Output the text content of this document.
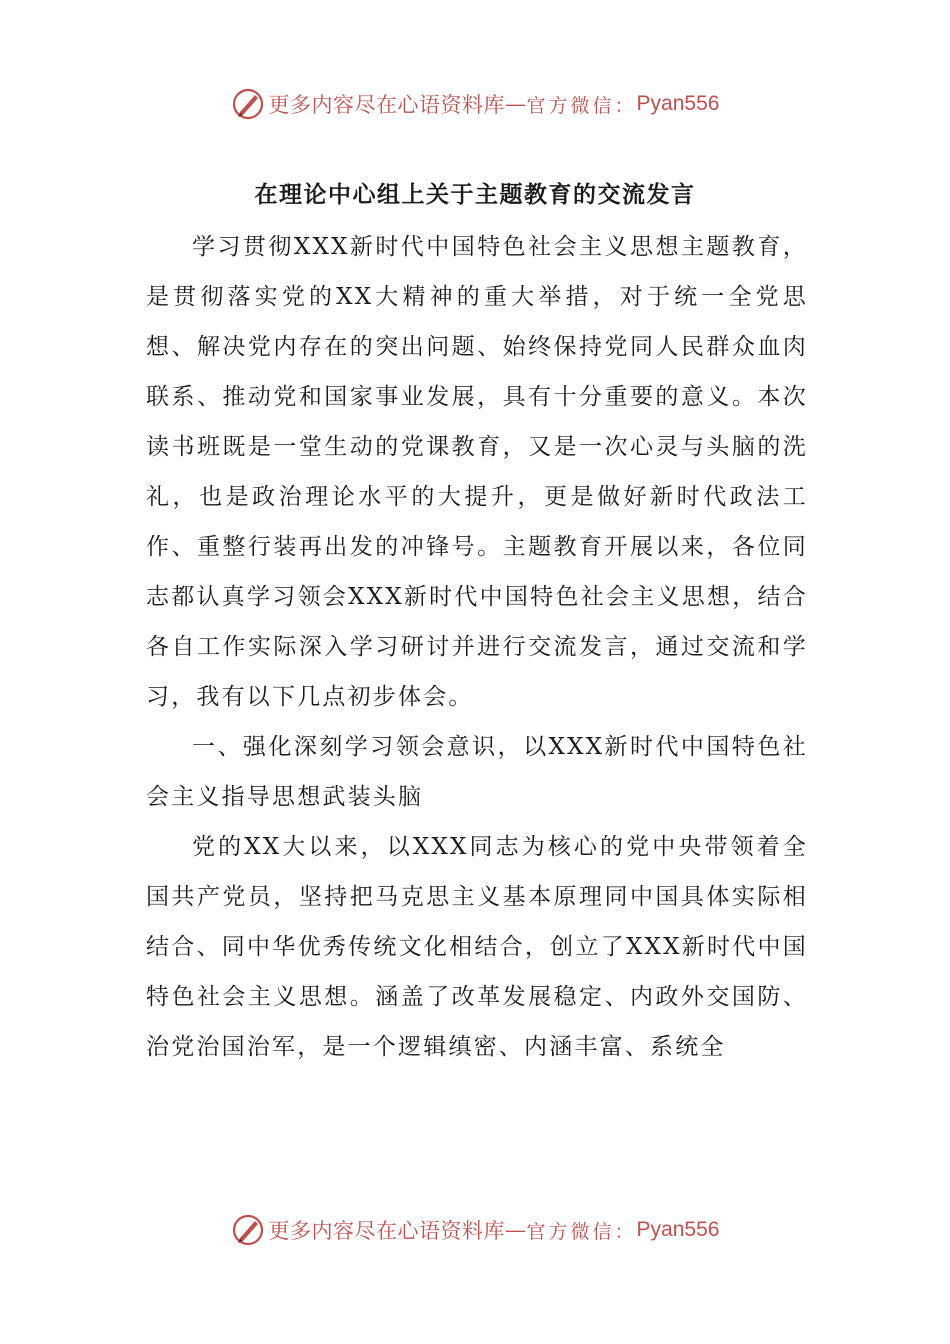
更多内容尽在心语资料库 — 官方微信： Pyan556
在理论中心组上关于主题教育的交流发言

学习贯彻XXX新时代中国特色社会主义思想主题教育，是贯彻落实党的XX大精神的重大举措，对于统一全党思想、解决党内存在的突出问题、始终保持党同人民群众血肉联系、推动党和国家事业发展，具有十分重要的意义。本次读书班既是一堂生动的党课教育，又是一次心灵与头脑的洗礼，也是政治理论水平的大提升，更是做好新时代政法工作、重整行装再出发的冲锋号。主题教育开展以来，各位同志都认真学习领会XXX新时代中国特色社会主义思想，结合各自工作实际深入学习研讨并进行交流发言，通过交流和学习，我有以下几点初步体会。

一、强化深刻学习领会意识，以XXX新时代中国特色社会主义指导思想武装头脑

党的XX大以来，以XXX同志为核心的党中央带领着全国共产党员，坚持把马克思主义基本原理同中国具体实际相结合、同中华优秀传统文化相结合，创立了XXX新时代中国特色社会主义思想。涵盖了改革发展稳定、内政外交国防、治党治国治军，是一个逻辑缜密、内涵丰富、系统全

更多内容尽在心语资料库 — 官方微信： Pyan556
